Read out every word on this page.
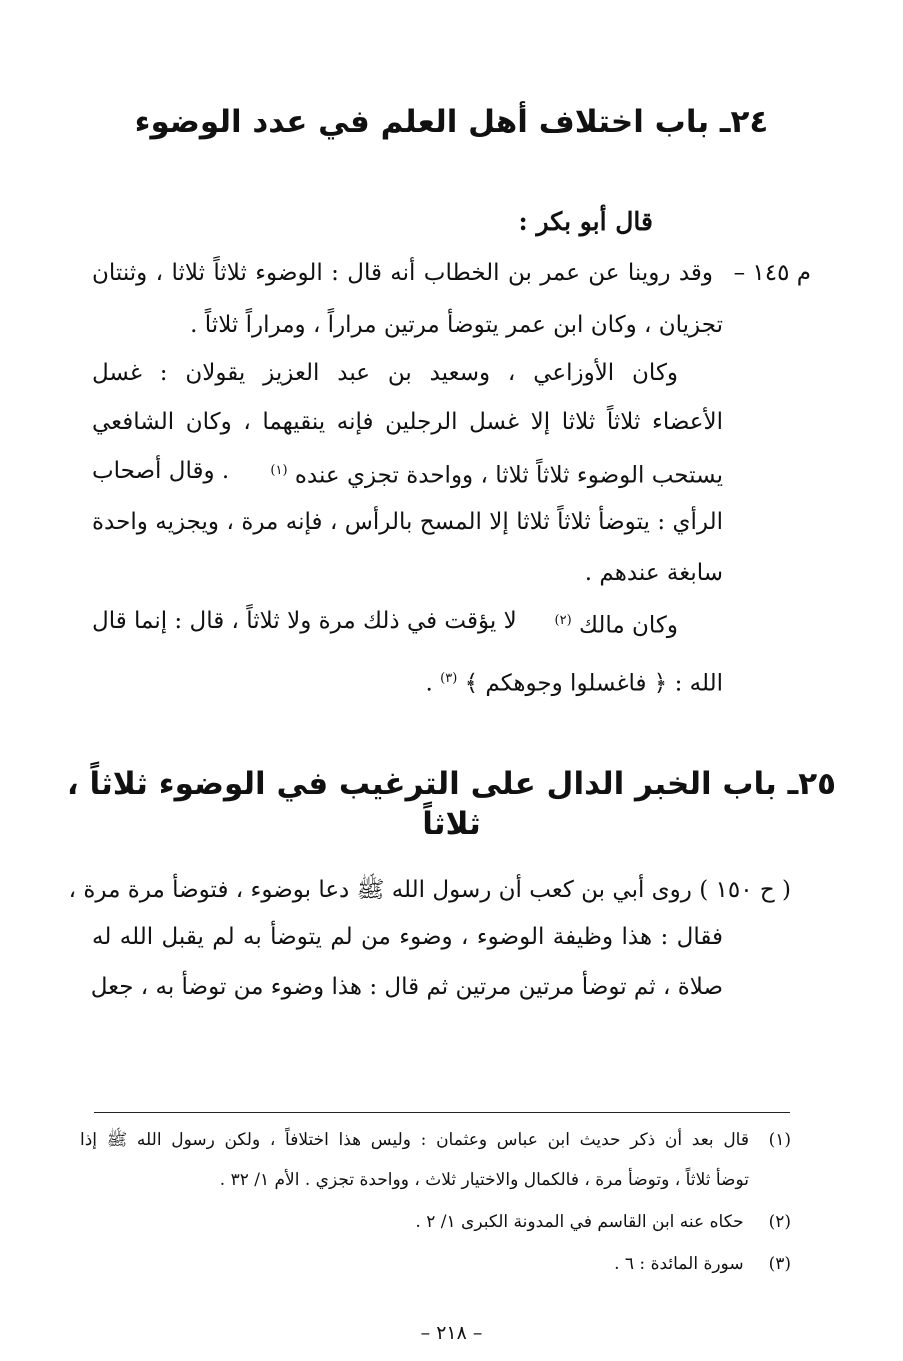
٢٤ـ باب اختلاف أهل العلم في عدد الوضوء
قال أبو بكر :
م ١٤٥ –
وقد روينا عن عمر بن الخطاب أنه قال : الوضوء ثلاثاً ثلاثا ، وثنتان
تجزيان ، وكان ابن عمر يتوضأ مرتين مراراً ، ومراراً ثلاثاً .
وكان الأوزاعي ، وسعيد بن عبد العزيز يقولان : غسل
الأعضاء ثلاثاً ثلاثا إلا غسل الرجلين فإنه ينقيهما ، وكان الشافعي
يستحب الوضوء ثلاثاً ثلاثا ، وواحدة تجزي عنده $^{(١)}$
. وقال أصحاب
الرأي : يتوضأ ثلاثاً ثلاثا إلا المسح بالرأس ، فإنه مرة ، ويجزيه واحدة
سابغة عندهم .
وكان مالك $^{(٢)}$
لا يؤقت في ذلك مرة ولا ثلاثاً ، قال : إنما قال
الله : ﴿ فاغسلوا وجوهكم ﴾ $^{(٣)}$ .
٢٥ـ باب الخبر الدال على الترغيب في الوضوء ثلاثاً ، ثلاثاً
( ح ١٥٠ ) روى أبي بن كعب أن رسول الله ﷺ دعا بوضوء ، فتوضأ مرة مرة ،
فقال : هذا وظيفة الوضوء ، وضوء من لم يتوضأ به لم يقبل الله له
صلاة ، ثم توضأ مرتين مرتين ثم قال : هذا وضوء من توضأ به ، جعل
(١)
قال بعد أن ذكر حديث ابن عباس وعثمان : وليس هذا اختلافاً ، ولكن رسول الله ﷺ إذا
توضأ ثلاثاً ، وتوضأ مرة ، فالكمال والاختيار ثلاث ، وواحدة تجزي . الأم ١/ ٣٢ .
(٢) حكاه عنه ابن القاسم في المدونة الكبرى ١/ ٢ .
(٣) سورة المائدة : ٦ .
– ٢١٨ –
